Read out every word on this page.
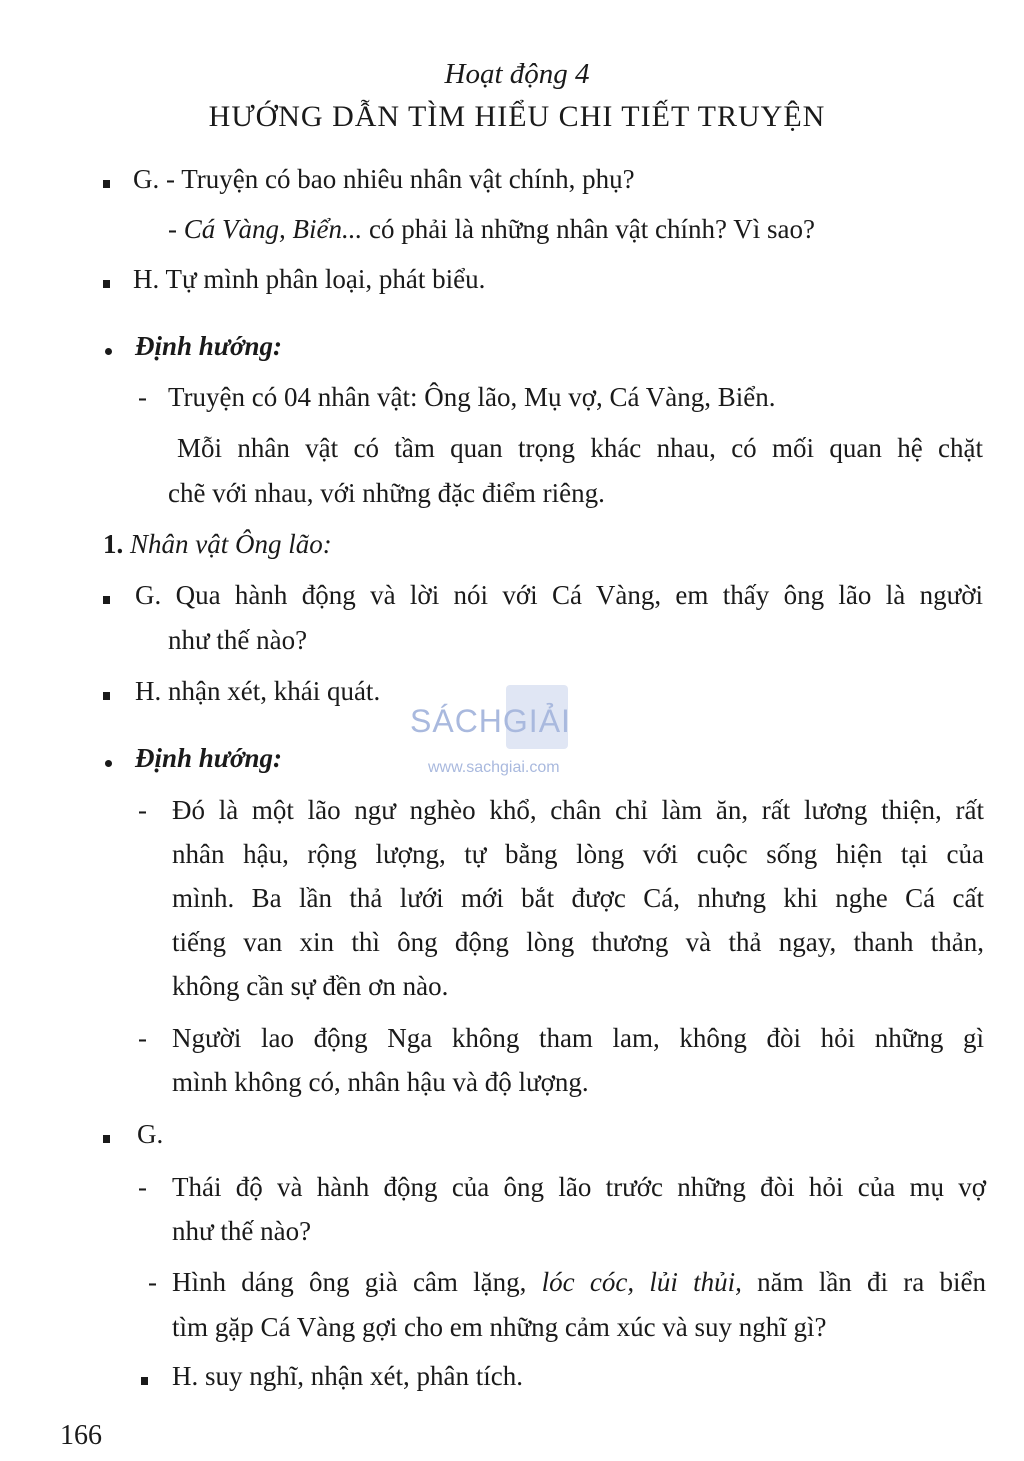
Hoạt động 4
HƯỚNG DẪN TÌM HIỂU CHI TIẾT TRUYỆN
G. - Truyện có bao nhiêu nhân vật chính, phụ?
- Cá Vàng, Biển... có phải là những nhân vật chính? Vì sao?
H. Tự mình phân loại, phát biểu.
Định hướng:
- Truyện có 04 nhân vật: Ông lão, Mụ vợ, Cá Vàng, Biển.
Mỗi nhân vật có tầm quan trọng khác nhau, có mối quan hệ chặt
chẽ với nhau, với những đặc điểm riêng.
1. Nhân vật Ông lão:
G. Qua hành động và lời nói với Cá Vàng, em thấy ông lão là người
như thế nào?
H. nhận xét, khái quát.
SÁCHGIẢI
www.sachgiai.com
Định hướng:
- Đó là một lão ngư nghèo khổ, chân chỉ làm ăn, rất lương thiện, rất
nhân hậu, rộng lượng, tự bằng lòng với cuộc sống hiện tại của
mình. Ba lần thả lưới mới bắt được Cá, nhưng khi nghe Cá cất
tiếng van xin thì ông động lòng thương và thả ngay, thanh thản,
không cần sự đền ơn nào.
- Người lao động Nga không tham lam, không đòi hỏi những gì
mình không có, nhân hậu và độ lượng.
G.
- Thái độ và hành động của ông lão trước những đòi hỏi của mụ vợ
như thế nào?
- Hình dáng ông già câm lặng, lóc cóc, lủi thủi, năm lần đi ra biển
tìm gặp Cá Vàng gợi cho em những cảm xúc và suy nghĩ gì?
H. suy nghĩ, nhận xét, phân tích.
166
